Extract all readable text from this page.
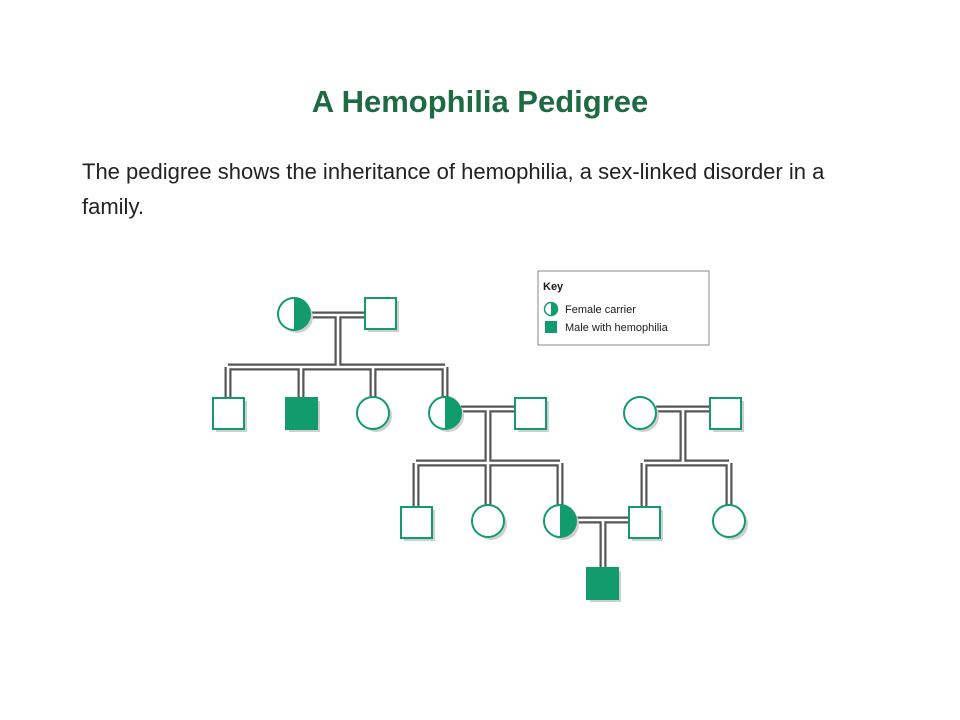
A Hemophilia Pedigree

The pedigree shows the inheritance of hemophilia, a sex-linked disorder in a family.

Key
Female carrier
Male with hemophilia
